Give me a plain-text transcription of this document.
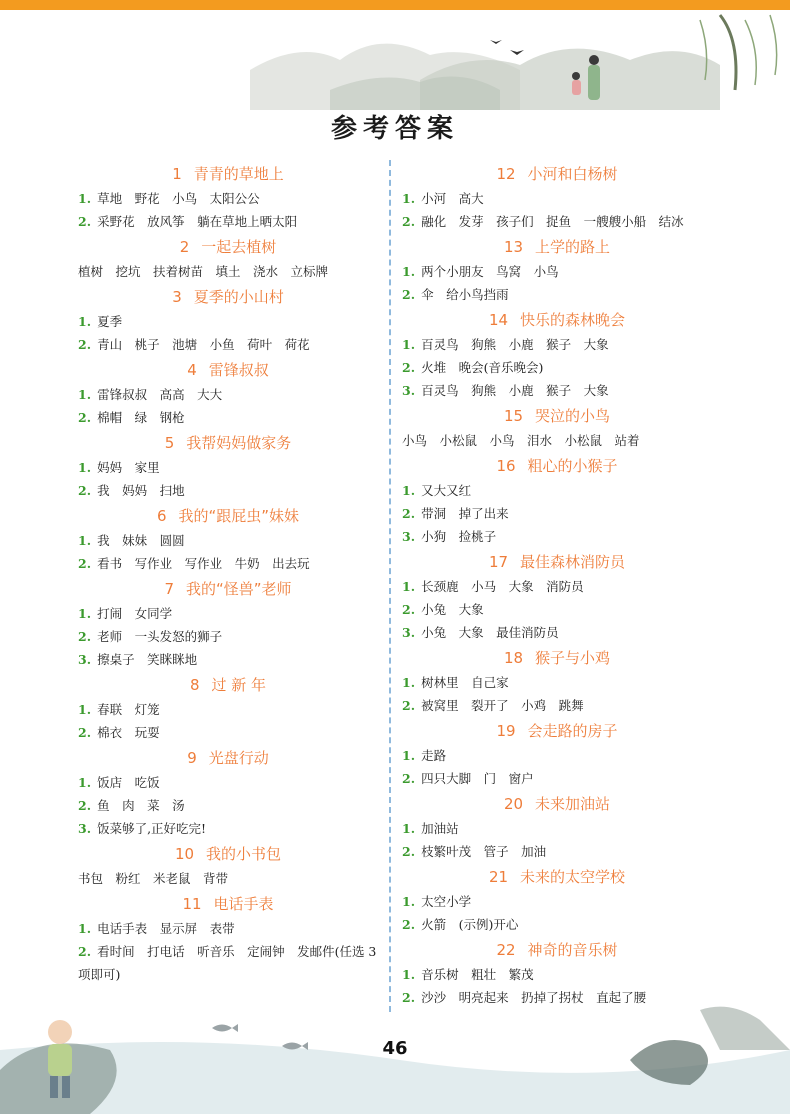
参考答案
1 青青的草地上
1. 草地　野花　小鸟　太阳公公
2. 采野花　放风筝　躺在草地上晒太阳
2 一起去植树
植树　挖坑　扶着树苗　填土　浇水　立标牌
3 夏季的小山村
1. 夏季
2. 青山　桃子　池塘　小鱼　荷叶　荷花
4 雷锋叔叔
1. 雷锋叔叔　高高　大大
2. 棉帽　绿　钢枪
5 我帮妈妈做家务
1. 妈妈　家里
2. 我　妈妈　扫地
6 我的“跟屁虫”妹妹
1. 我　妹妹　圆圆
2. 看书　写作业　写作业　牛奶　出去玩
7 我的“怪兽”老师
1. 打闹　女同学
2. 老师　一头发怒的狮子
3. 擦桌子　笑眯眯地
8 过 新 年
1. 春联　灯笼
2. 棉衣　玩耍
9 光盘行动
1. 饭店　吃饭
2. 鱼　肉　菜　汤
3. 饭菜够了,正好吃完!
10 我的小书包
书包　粉红　米老鼠　背带
11 电话手表
1. 电话手表　显示屏　表带
2. 看时间　打电话　听音乐　定闹钟　发邮件(任选 3 项即可)
12 小河和白杨树
1. 小河　高大
2. 融化　发芽　孩子们　捉鱼　一艘艘小船　结冰
13 上学的路上
1. 两个小朋友　鸟窝　小鸟
2. 伞　给小鸟挡雨
14 快乐的森林晚会
1. 百灵鸟　狗熊　小鹿　猴子　大象
2. 火堆　晚会(音乐晚会)
3. 百灵鸟　狗熊　小鹿　猴子　大象
15 哭泣的小鸟
小鸟　小松鼠　小鸟　泪水　小松鼠　站着
16 粗心的小猴子
1. 又大又红
2. 带洞　掉了出来
3. 小狗　捡桃子
17 最佳森林消防员
1. 长颈鹿　小马　大象　消防员
2. 小兔　大象
3. 小兔　大象　最佳消防员
18 猴子与小鸡
1. 树林里　自己家
2. 被窝里　裂开了　小鸡　跳舞
19 会走路的房子
1. 走路
2. 四只大脚　门　窗户
20 未来加油站
1. 加油站
2. 枝繁叶茂　管子　加油
21 未来的太空学校
1. 太空小学
2. 火箭　(示例)开心
22 神奇的音乐树
1. 音乐树　粗壮　繁茂
2. 沙沙　明亮起来　扔掉了拐杖　直起了腰
46
